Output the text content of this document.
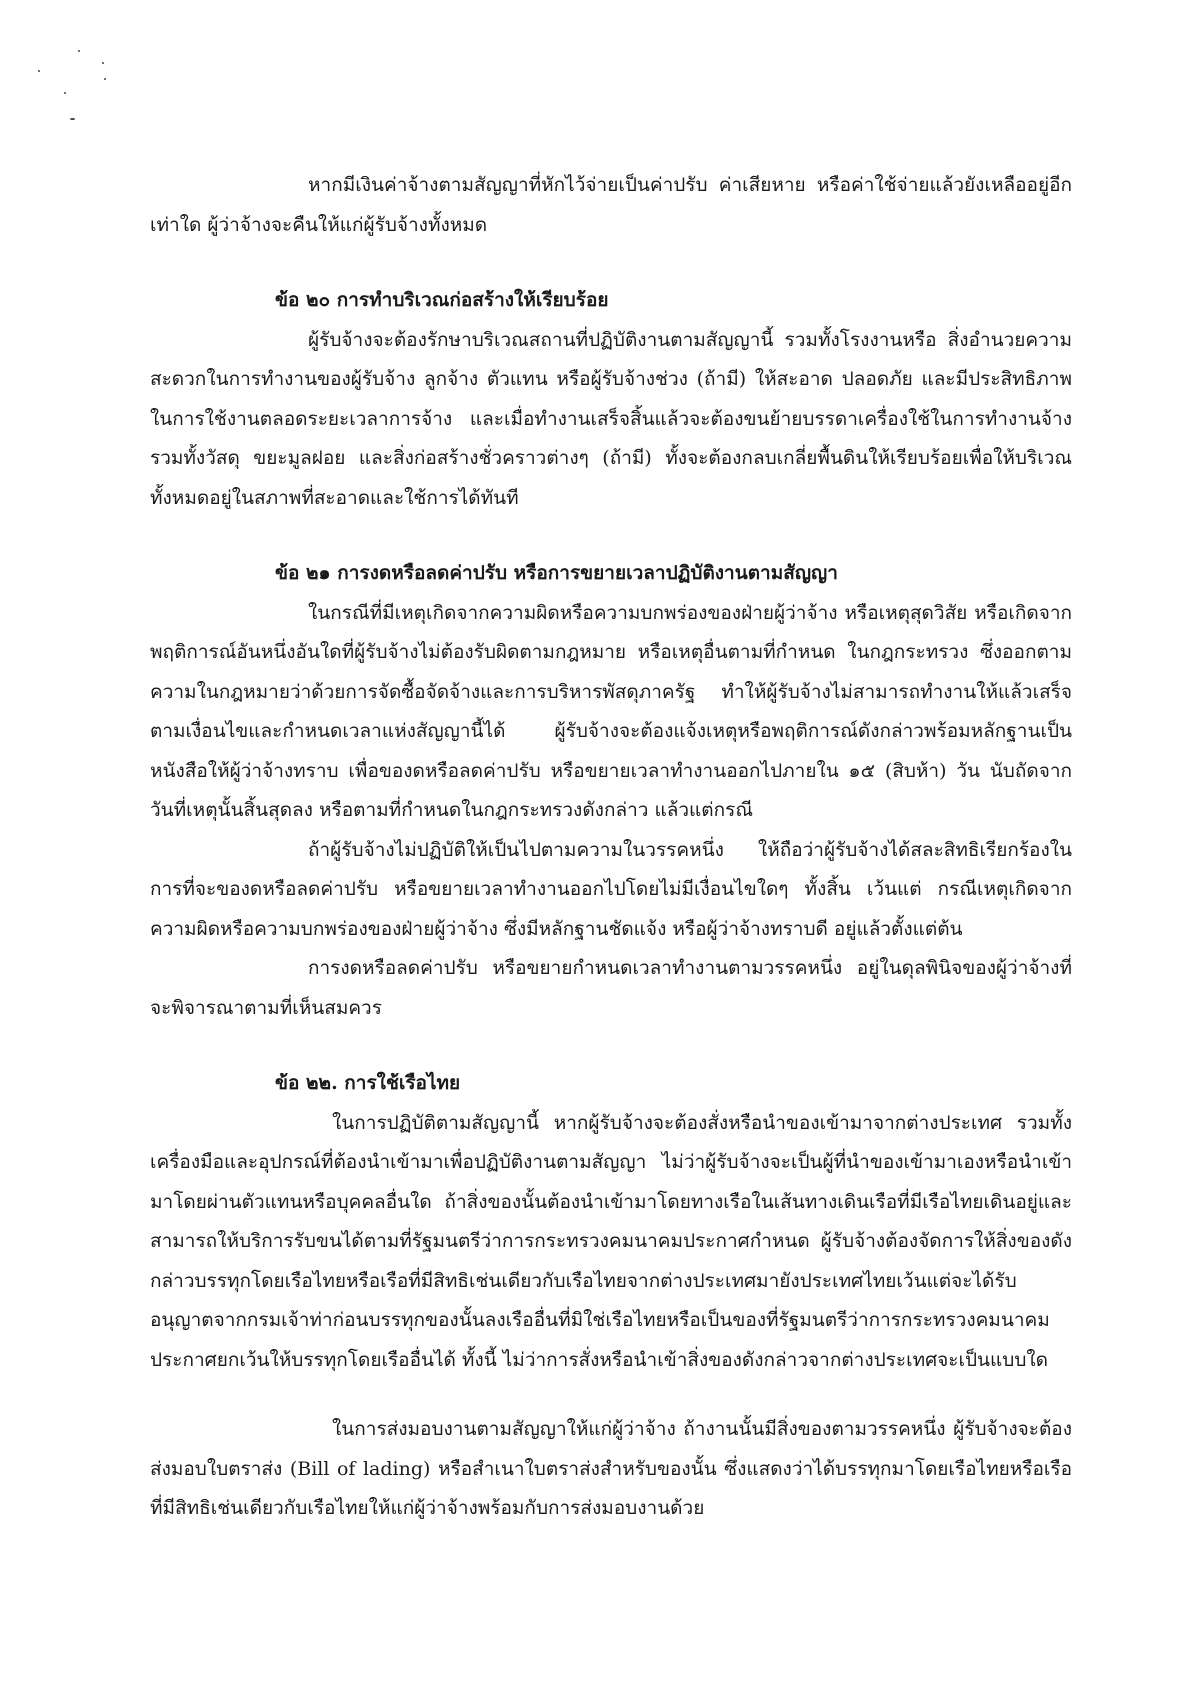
หากมีเงินค่าจ้างตามสัญญาที่หักไว้จ่ายเป็นค่าปรับ ค่าเสียหาย หรือค่าใช้จ่ายแล้วยังเหลืออยู่อีกเท่าใด ผู้ว่าจ้างจะคืนให้แก่ผู้รับจ้างทั้งหมด

ข้อ ๒๐ การทำบริเวณก่อสร้างให้เรียบร้อย

ผู้รับจ้างจะต้องรักษาบริเวณสถานที่ปฏิบัติงานตามสัญญานี้ รวมทั้งโรงงานหรือ สิ่งอำนวยความสะดวกในการทำงานของผู้รับจ้าง ลูกจ้าง ตัวแทน หรือผู้รับจ้างช่วง (ถ้ามี) ให้สะอาด ปลอดภัย และมีประสิทธิภาพในการใช้งานตลอดระยะเวลาการจ้าง และเมื่อทำงานเสร็จสิ้นแล้วจะต้องขนย้ายบรรดาเครื่องใช้ในการทำงานจ้างรวมทั้งวัสดุ ขยะมูลฝอย และสิ่งก่อสร้างชั่วคราวต่างๆ (ถ้ามี) ทั้งจะต้องกลบเกลี่ยพื้นดินให้เรียบร้อยเพื่อให้บริเวณทั้งหมดอยู่ในสภาพที่สะอาดและใช้การได้ทันที

ข้อ ๒๑ การงดหรือลดค่าปรับ หรือการขยายเวลาปฏิบัติงานตามสัญญา

ในกรณีที่มีเหตุเกิดจากความผิดหรือความบกพร่องของฝ่ายผู้ว่าจ้าง หรือเหตุสุดวิสัย หรือเกิดจากพฤติการณ์อันหนึ่งอันใดที่ผู้รับจ้างไม่ต้องรับผิดตามกฎหมาย หรือเหตุอื่นตามที่กำหนด ในกฎกระทรวง ซึ่งออกตามความในกฎหมายว่าด้วยการจัดซื้อจัดจ้างและการบริหารพัสดุภาครัฐ ทำให้ผู้รับจ้างไม่สามารถทำงานให้แล้วเสร็จตามเงื่อนไขและกำหนดเวลาแห่งสัญญานี้ได้ ผู้รับจ้างจะต้องแจ้งเหตุหรือพฤติการณ์ดังกล่าวพร้อมหลักฐานเป็นหนังสือให้ผู้ว่าจ้างทราบ เพื่อของดหรือลดค่าปรับ หรือขยายเวลาทำงานออกไปภายใน ๑๕ (สิบห้า) วัน นับถัดจากวันที่เหตุนั้นสิ้นสุดลง หรือตามที่กำหนดในกฎกระทรวงดังกล่าว แล้วแต่กรณี

ถ้าผู้รับจ้างไม่ปฏิบัติให้เป็นไปตามความในวรรคหนึ่ง ให้ถือว่าผู้รับจ้างได้สละสิทธิเรียกร้องในการที่จะของดหรือลดค่าปรับ หรือขยายเวลาทำงานออกไปโดยไม่มีเงื่อนไขใดๆ ทั้งสิ้น เว้นแต่ กรณีเหตุเกิดจากความผิดหรือความบกพร่องของฝ่ายผู้ว่าจ้าง ซึ่งมีหลักฐานชัดแจ้ง หรือผู้ว่าจ้างทราบดี อยู่แล้วตั้งแต่ต้น

การงดหรือลดค่าปรับ หรือขยายกำหนดเวลาทำงานตามวรรคหนึ่ง อยู่ในดุลพินิจของผู้ว่าจ้างที่จะพิจารณาตามที่เห็นสมควร

ข้อ ๒๒. การใช้เรือไทย

ในการปฏิบัติตามสัญญานี้ หากผู้รับจ้างจะต้องสั่งหรือนำของเข้ามาจากต่างประเทศ รวมทั้งเครื่องมือและอุปกรณ์ที่ต้องนำเข้ามาเพื่อปฏิบัติงานตามสัญญา ไม่ว่าผู้รับจ้างจะเป็นผู้ที่นำของเข้ามาเองหรือนำเข้ามาโดยผ่านตัวแทนหรือบุคคลอื่นใด ถ้าสิ่งของนั้นต้องนำเข้ามาโดยทางเรือในเส้นทางเดินเรือที่มีเรือไทยเดินอยู่และสามารถให้บริการรับขนได้ตามที่รัฐมนตรีว่าการกระทรวงคมนาคมประกาศกำหนด ผู้รับจ้างต้องจัดการให้สิ่งของดังกล่าวบรรทุกโดยเรือไทยหรือเรือที่มีสิทธิเช่นเดียวกับเรือไทยจากต่างประเทศมายังประเทศไทยเว้นแต่จะได้รับอนุญาตจากกรมเจ้าท่าก่อนบรรทุกของนั้นลงเรืออื่นที่มิใช่เรือไทยหรือเป็นของที่รัฐมนตรีว่าการกระทรวงคมนาคมประกาศยกเว้นให้บรรทุกโดยเรืออื่นได้ ทั้งนี้ ไม่ว่าการสั่งหรือนำเข้าสิ่งของดังกล่าวจากต่างประเทศจะเป็นแบบใด

ในการส่งมอบงานตามสัญญาให้แก่ผู้ว่าจ้าง ถ้างานนั้นมีสิ่งของตามวรรคหนึ่ง ผู้รับจ้างจะต้องส่งมอบใบตราส่ง (Bill of lading) หรือสำเนาใบตราส่งสำหรับของนั้น ซึ่งแสดงว่าได้บรรทุกมาโดยเรือไทยหรือเรือที่มีสิทธิเช่นเดียวกับเรือไทยให้แก่ผู้ว่าจ้างพร้อมกับการส่งมอบงานด้วย
